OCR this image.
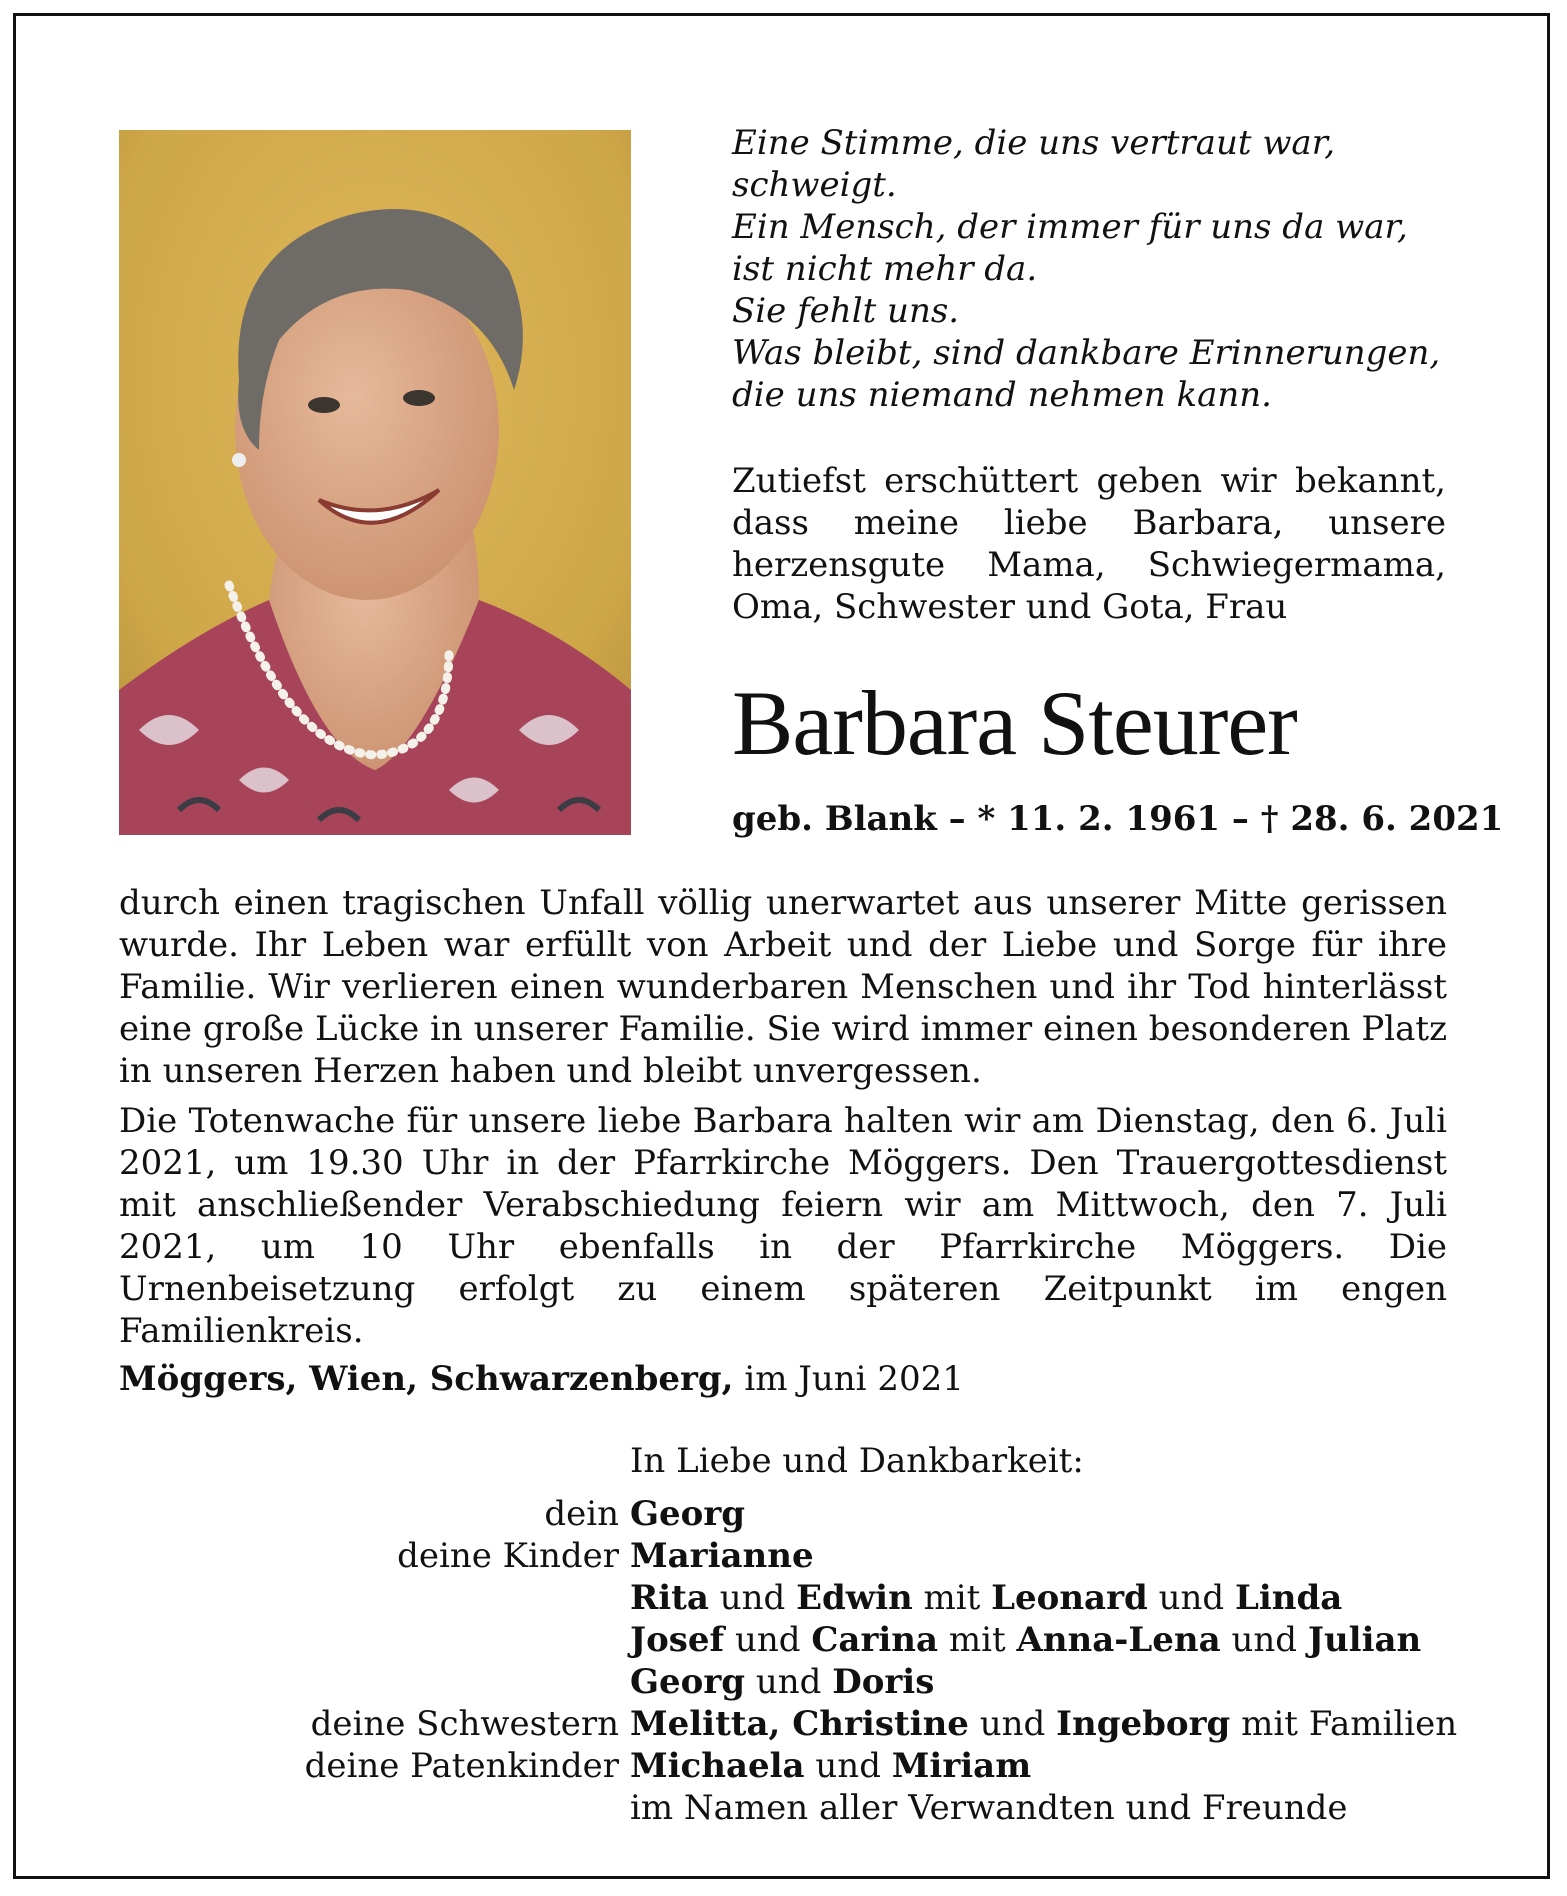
Eine Stimme, die uns vertraut war,
schweigt.
Ein Mensch, der immer für uns da war,
ist nicht mehr da.
Sie fehlt uns.
Was bleibt, sind dankbare Erinnerungen,
die uns niemand nehmen kann.
Zutiefst erschüttert geben wir bekannt, dass meine liebe Barbara, unsere herzensgute Mama, Schwiegermama, Oma, Schwester und Gota, Frau
Barbara Steurer
geb. Blank – * 11. 2. 1961 – † 28. 6. 2021
durch einen tragischen Unfall völlig unerwartet aus unserer Mitte gerissen wurde. Ihr Leben war erfüllt von Arbeit und der Liebe und Sorge für ihre Familie. Wir verlieren einen wunderbaren Menschen und ihr Tod hinterlässt eine große Lücke in unserer Familie. Sie wird immer einen besonderen Platz in unseren Herzen haben und bleibt unvergessen.
Die Totenwache für unsere liebe Barbara halten wir am Dienstag, den 6. Juli 2021, um 19.30 Uhr in der Pfarrkirche Möggers. Den Trauergottesdienst mit anschließender Verabschiedung feiern wir am Mittwoch, den 7. Juli 2021, um 10 Uhr ebenfalls in der Pfarrkirche Möggers. Die Urnenbeisetzung erfolgt zu einem späteren Zeitpunkt im engen Familienkreis.
Möggers, Wien, Schwarzenberg, im Juni 2021
In Liebe und Dankbarkeit:
dein Georg
deine Kinder Marianne
Rita und Edwin mit Leonard und Linda
Josef und Carina mit Anna-Lena und Julian
Georg und Doris
deine Schwestern Melitta, Christine und Ingeborg mit Familien
deine Patenkinder Michaela und Miriam
im Namen aller Verwandten und Freunde
